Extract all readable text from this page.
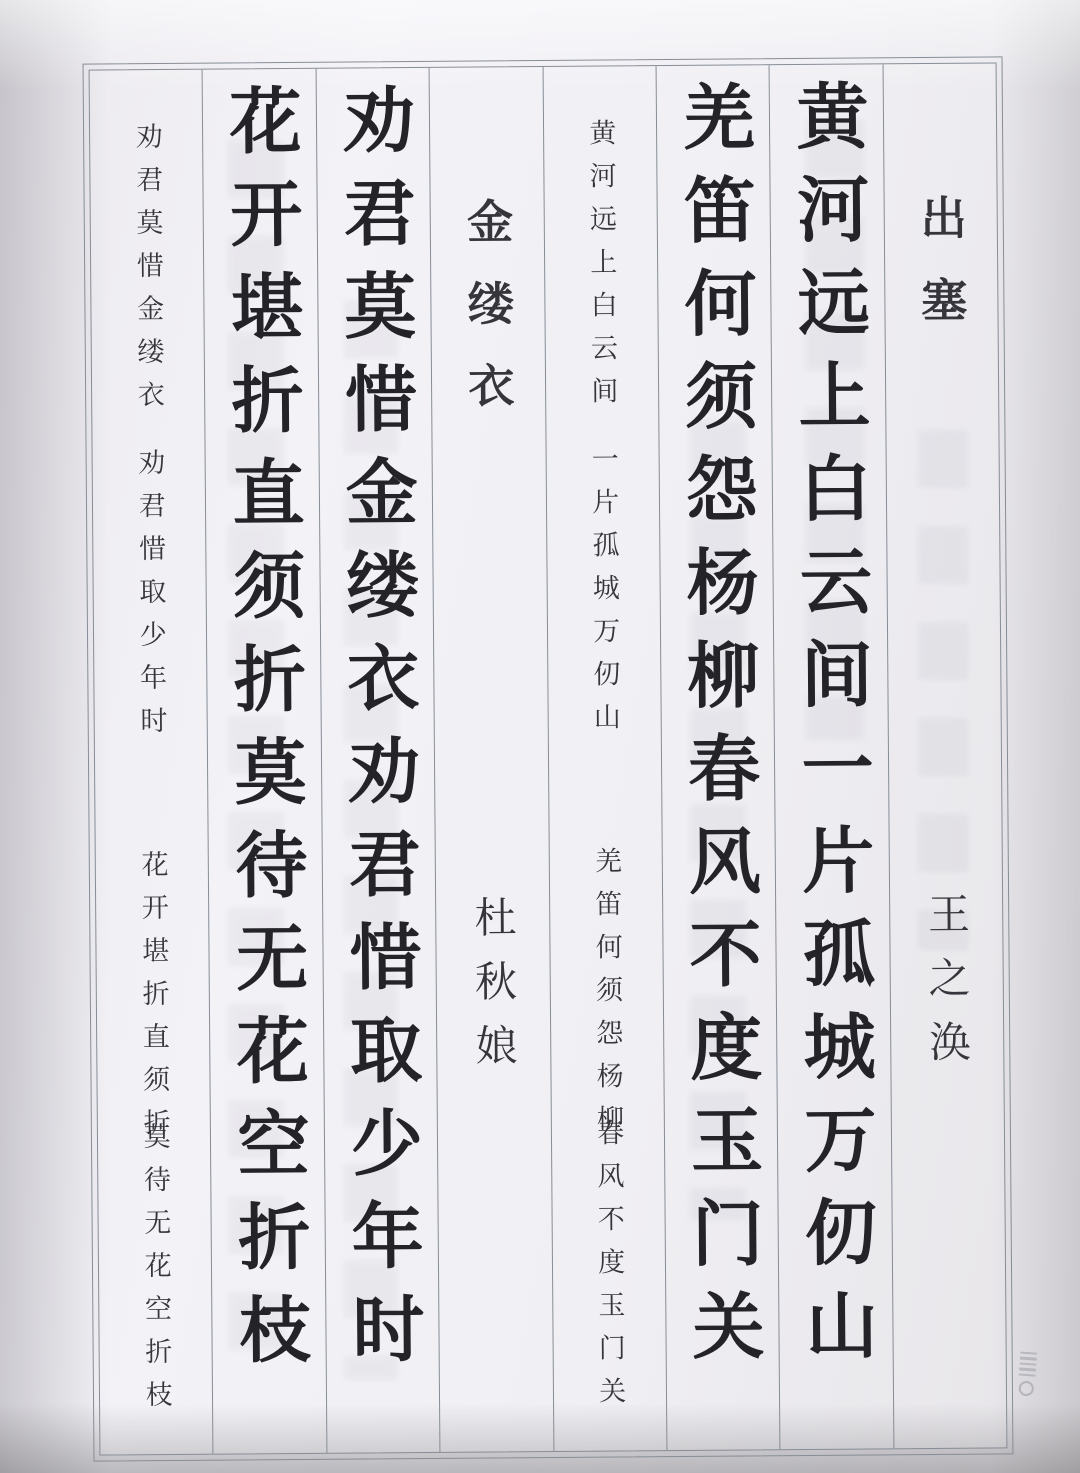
劝君莫惜金缕衣
劝君惜取少年时
花开堪折直须折
莫待无花空折枝 花开堪折直须折莫待无花空折枝 劝君莫惜金缕衣劝君惜取少年时 金缕衣
杜秋娘
黄河远上白云间
一片孤城万仞山
羌笛何须怨杨柳
春风不度玉门关 羌笛何须怨杨柳春风不度玉门关 黄河远上白云间一片孤城万仞山 出塞
王之涣
